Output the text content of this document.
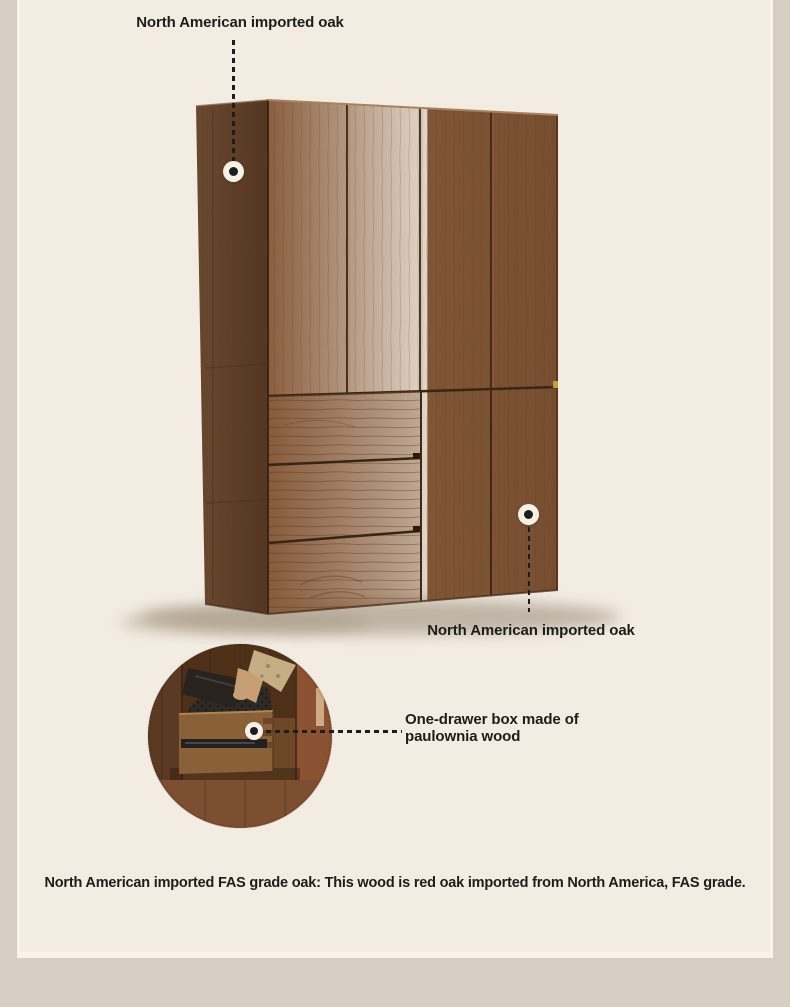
North American imported oak
North American imported oak
One-drawer box made of
paulownia wood
North American imported FAS grade oak: This wood is red oak imported from North America, FAS grade.
